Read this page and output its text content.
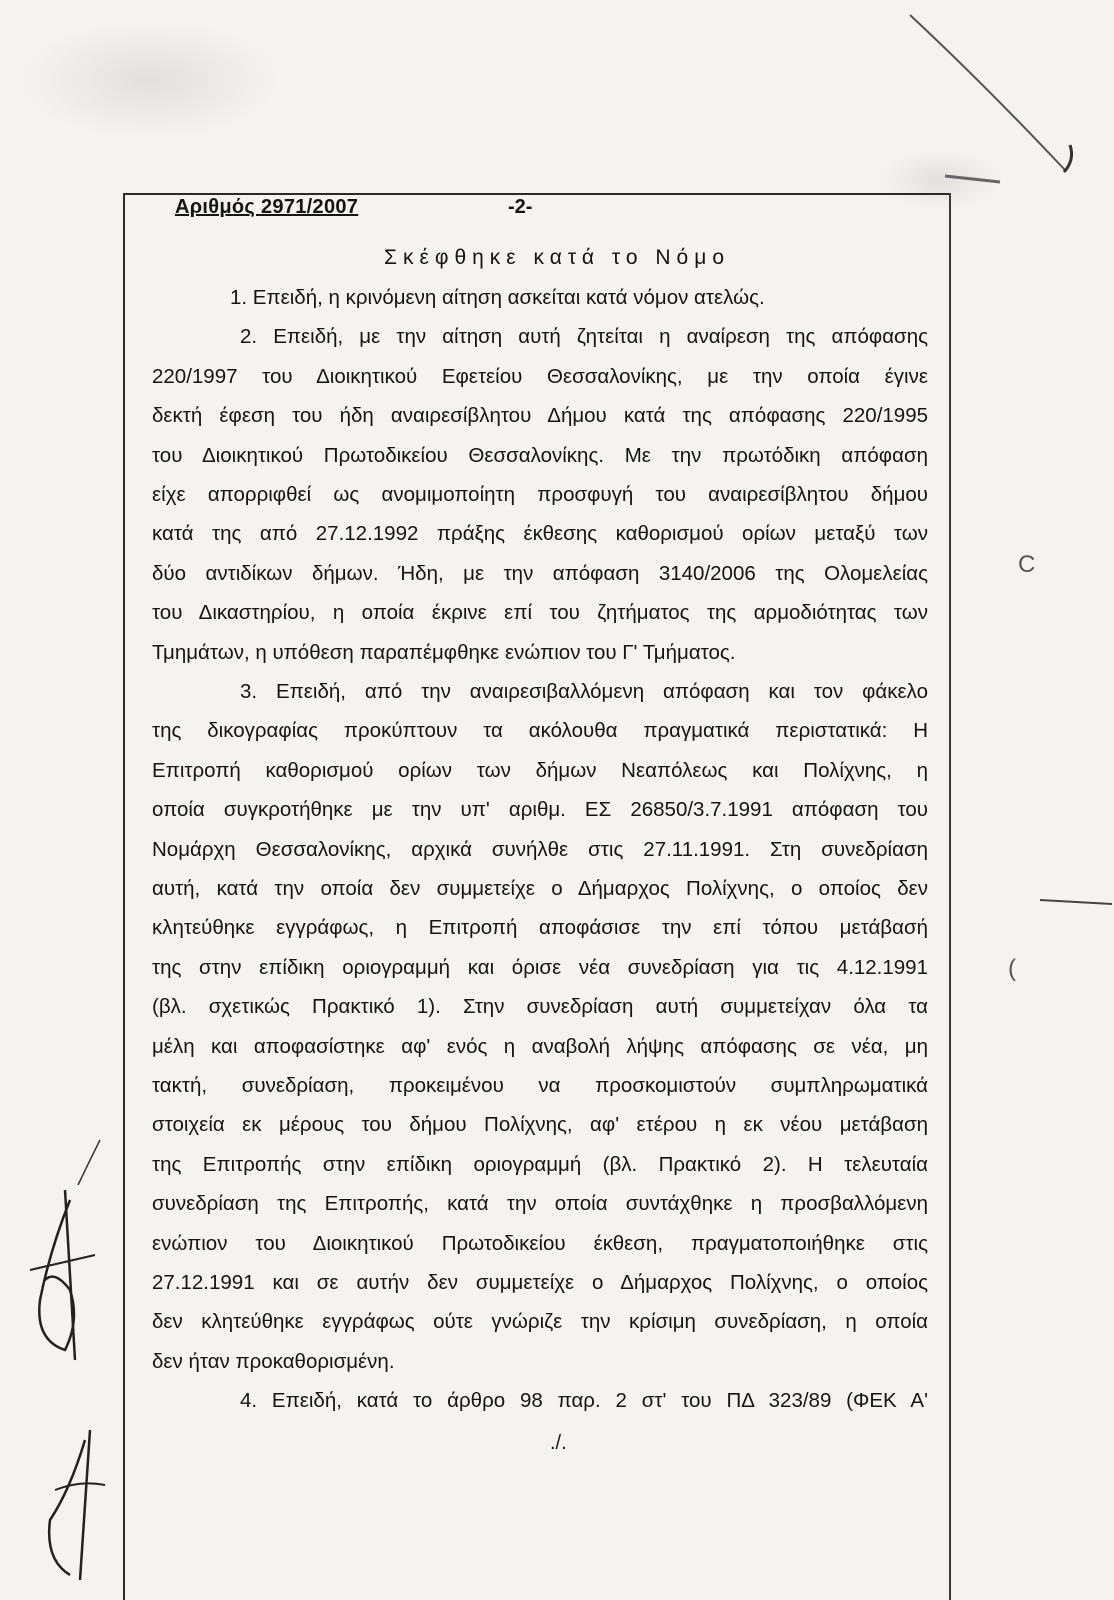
Αριθμός 2971/2007	-2-
Σκέφθηκε κατά το Νόμο
1. Επειδή, η κρινόμενη αίτηση ασκείται κατά νόμον ατελώς.
2. Επειδή, με την αίτηση αυτή ζητείται η αναίρεση της απόφασης
220/1997 του Διοικητικού Εφετείου Θεσσαλονίκης, με την οποία έγινε
δεκτή έφεση του ήδη αναιρεσίβλητου Δήμου κατά της απόφασης 220/1995
του Διοικητικού Πρωτοδικείου Θεσσαλονίκης. Με την πρωτόδικη απόφαση
είχε απορριφθεί ως ανομιμοποίητη προσφυγή του αναιρεσίβλητου δήμου
κατά της από 27.12.1992 πράξης έκθεσης καθορισμού ορίων μεταξύ των
δύο αντιδίκων δήμων. Ήδη, με την απόφαση 3140/2006 της Ολομελείας
του Δικαστηρίου, η οποία έκρινε επί του ζητήματος της αρμοδιότητας των
Τμημάτων, η υπόθεση παραπέμφθηκε ενώπιον του Γ' Τμήματος.
3. Επειδή, από την αναιρεσιβαλλόμενη απόφαση και τον φάκελο
της δικογραφίας προκύπτουν τα ακόλουθα πραγματικά περιστατικά: Η
Επιτροπή καθορισμού ορίων των δήμων Νεαπόλεως και Πολίχνης, η
οποία συγκροτήθηκε με την υπ' αριθμ. ΕΣ 26850/3.7.1991 απόφαση του
Νομάρχη Θεσσαλονίκης, αρχικά συνήλθε στις 27.11.1991. Στη συνεδρίαση
αυτή, κατά την οποία δεν συμμετείχε ο Δήμαρχος Πολίχνης, ο οποίος δεν
κλητεύθηκε εγγράφως, η Επιτροπή αποφάσισε την επί τόπου μετάβασή
της στην επίδικη οριογραμμή και όρισε νέα συνεδρίαση για τις 4.12.1991
(βλ. σχετικώς Πρακτικό 1). Στην συνεδρίαση αυτή συμμετείχαν όλα τα
μέλη και αποφασίστηκε αφ' ενός η αναβολή λήψης απόφασης σε νέα, μη
τακτή, συνεδρίαση, προκειμένου να προσκομιστούν συμπληρωματικά
στοιχεία εκ μέρους του δήμου Πολίχνης, αφ' ετέρου η εκ νέου μετάβαση
της Επιτροπής στην επίδικη οριογραμμή (βλ. Πρακτικό 2). Η τελευταία
συνεδρίαση της Επιτροπής, κατά την οποία συντάχθηκε η προσβαλλόμενη
ενώπιον του Διοικητικού Πρωτοδικείου έκθεση, πραγματοποιήθηκε στις
27.12.1991 και σε αυτήν δεν συμμετείχε ο Δήμαρχος Πολίχνης, ο οποίος
δεν κλητεύθηκε εγγράφως ούτε γνώριζε την κρίσιμη συνεδρίαση, η οποία
δεν ήταν προκαθορισμένη.
4. Επειδή, κατά το άρθρο 98 παρ. 2 στ' του ΠΔ 323/89 (ΦΕΚ Α'
./.
C
(
